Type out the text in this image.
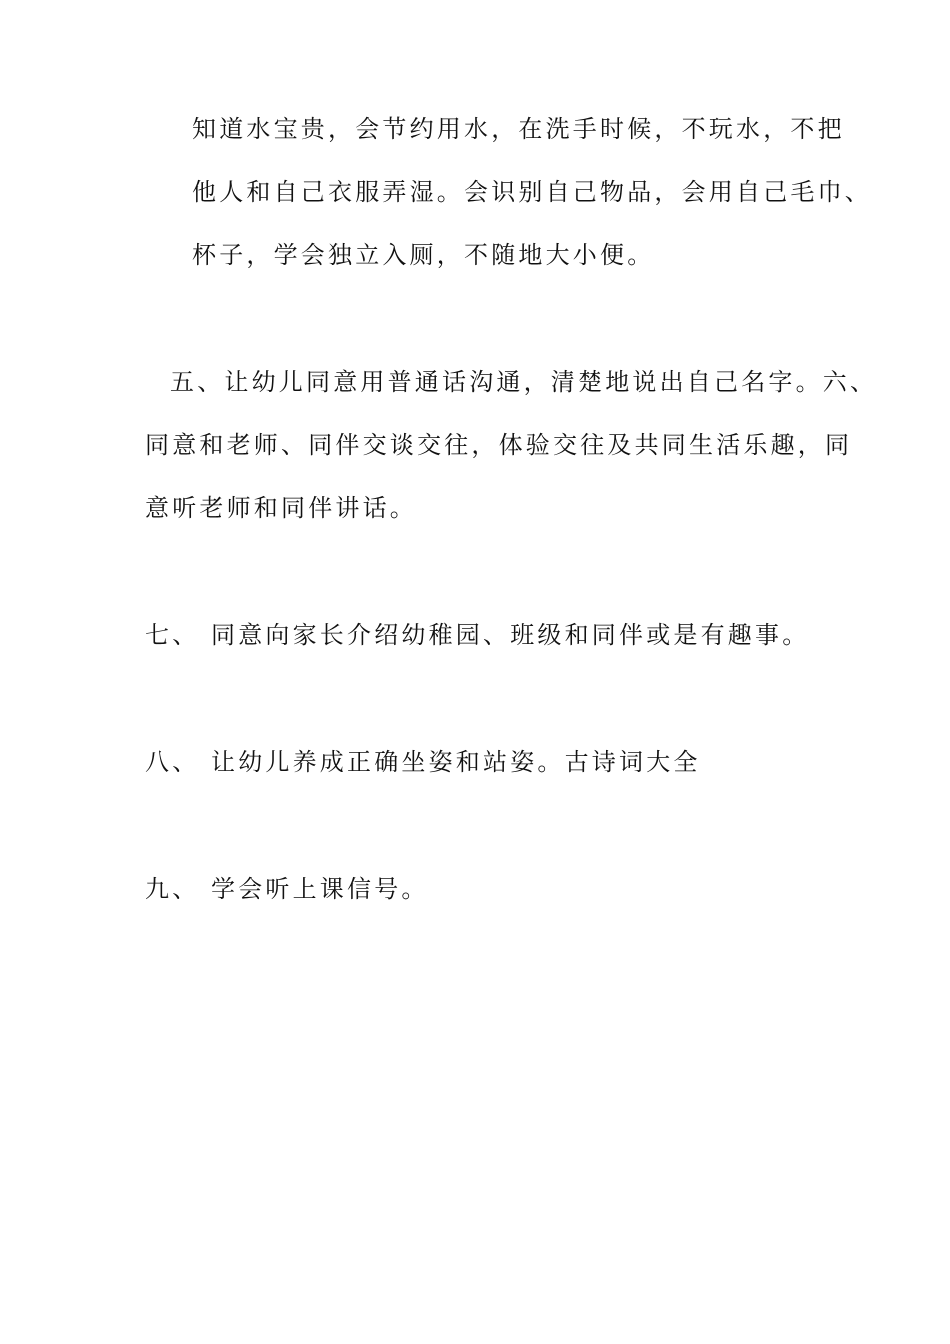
知道水宝贵，会节约用水，在洗手时候，不玩水，不把
他人和自己衣服弄湿。会识别自己物品，会用自己毛巾、
杯子，学会独立入厕，不随地大小便。
五、让幼儿同意用普通话沟通，清楚地说出自己名字。六、
同意和老师、同伴交谈交往，体验交往及共同生活乐趣，同
意听老师和同伴讲话。
七、 同意向家长介绍幼稚园、班级和同伴或是有趣事。
八、 让幼儿养成正确坐姿和站姿。古诗词大全
九、 学会听上课信号。
